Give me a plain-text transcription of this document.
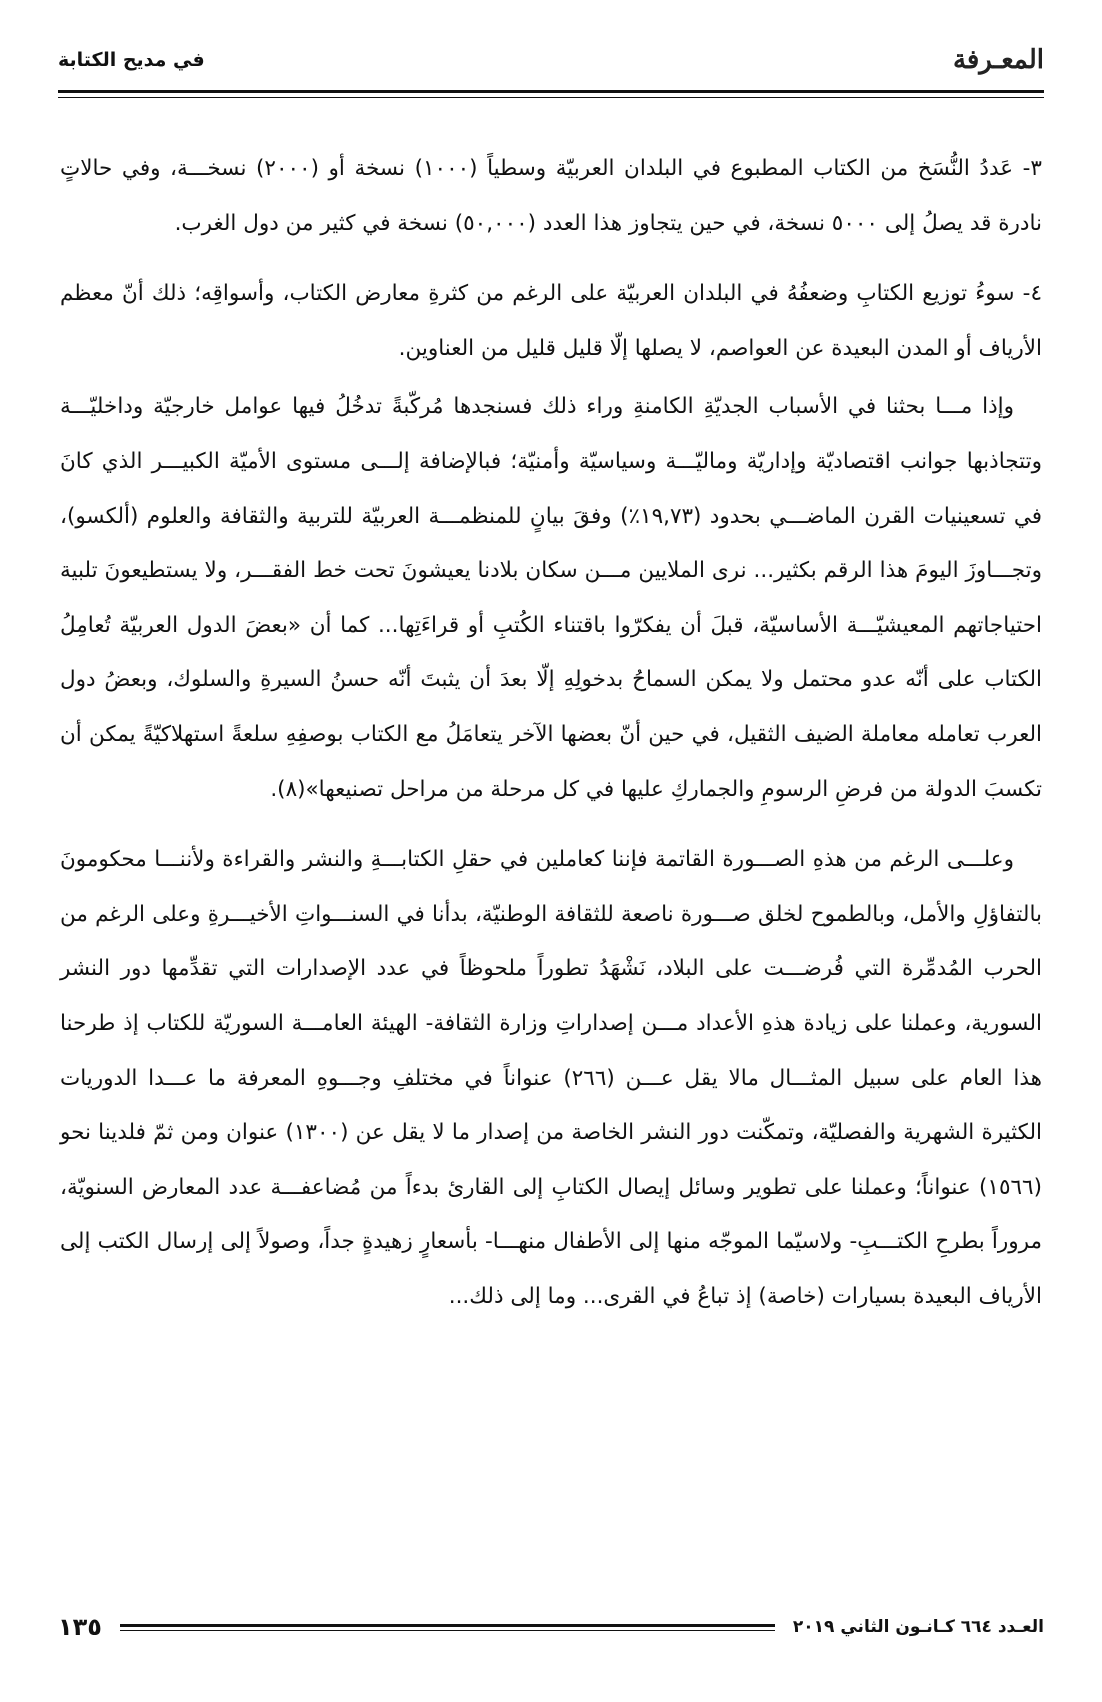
المعـرفة
في مديح الكتابة

٣- عَددُ النُّسَخ من الكتاب المطبوع في البلدان العربيّة وسطياً (١٠٠٠) نسخة أو (٢٠٠٠) نسخـــة، وفي حالاتٍ نادرة قد يصلُ إلى ٥٠٠٠ نسخة، في حين يتجاوز هذا العدد (٥٠,٠٠٠) نسخة في كثير من دول الغرب.

٤- سوءُ توزيع الكتابِ وضعفُهُ في البلدان العربيّة على الرغم من كثرةِ معارض الكتاب، وأسواقِه؛ ذلك أنّ معظم الأرياف أو المدن البعيدة عن العواصم، لا يصلها إلّا قليل قليل من العناوين.

وإذا مـــا بحثنا في الأسباب الجديّةِ الكامنةِ وراء ذلك فسنجدها مُركّبةً تدخُلُ فيها عوامل خارجيّة وداخليّـــة وتتجاذبها جوانب اقتصاديّة وإداريّة وماليّـــة وسياسيّة وأمنيّة؛ فبالإضافة إلـــى مستوى الأميّة الكبيـــر الذي كانَ في تسعينيات القرن الماضـــي بحدود (١٩,٧٣٪) وفقَ بيانٍ للمنظمـــة العربيّة للتربية والثقافة والعلوم (ألكسو)، وتجـــاوزَ اليومَ هذا الرقم بكثير... نرى الملايين مـــن سكان بلادنا يعيشونَ تحت خط الفقـــر، ولا يستطيعونَ تلبية احتياجاتهم المعيشيّـــة الأساسيّة، قبلَ أن يفكرّوا باقتناء الكُتبِ أو قراءَتِها... كما أن «بعضَ الدول العربيّة تُعامِلُ الكتاب على أنّه عدو محتمل ولا يمكن السماحُ بدخولِهِ إلّا بعدَ أن يثبتَ أنّه حسنُ السيرةِ والسلوك، وبعضُ دول العرب تعامله معاملة الضيف الثقيل، في حين أنّ بعضها الآخر يتعامَلُ مع الكتاب بوصفِهِ سلعةً استهلاكيّةً يمكن أن تكسبَ الدولة من فرضِ الرسومِ والجماركِ عليها في كل مرحلة من مراحل تصنيعها»(٨).

وعلـــى الرغم من هذهِ الصـــورة القاتمة فإننا كعاملين في حقلِ الكتابـــةِ والنشر والقراءة ولأننـــا محكومونَ بالتفاؤلِ والأمل، وبالطموح لخلق صـــورة ناصعة للثقافة الوطنيّة، بدأنا في السنـــواتِ الأخيـــرةِ وعلى الرغم من الحرب المُدمِّرة التي فُرضـــت على البلاد، نَشْهَدُ تطوراً ملحوظاً في عدد الإصدارات التي تقدِّمها دور النشر السورية، وعملنا على زيادة هذهِ الأعداد مـــن إصداراتِ وزارة الثقافة- الهيئة العامـــة السوريّة للكتاب إذ طرحنا هذا العام على سبيل المثـــال مالا يقل عـــن (٢٦٦) عنواناً في مختلفِ وجـــوهِ المعرفة ما عـــدا الدوريات الكثيرة الشهرية والفصليّة، وتمكّنت دور النشر الخاصة من إصدار ما لا يقل عن (١٣٠٠) عنوان ومن ثمّ فلدينا نحو (١٥٦٦) عنواناً؛ وعملنا على تطوير وسائل إيصال الكتابِ إلى القارئ بدءاً من مُضاعفـــة عدد المعارض السنويّة، مروراً بطرحِ الكتـــبِ- ولاسيّما الموجّه منها إلى الأطفال منهـــا- بأسعارٍ زهيدةٍ جداً، وصولاً إلى إرسال الكتب إلى الأرياف البعيدة بسيارات (خاصة) إذ تباعُ في القرى... وما إلى ذلك...

العـدد ٦٦٤ كـانـون الثاني ٢٠١٩
١٣٥
